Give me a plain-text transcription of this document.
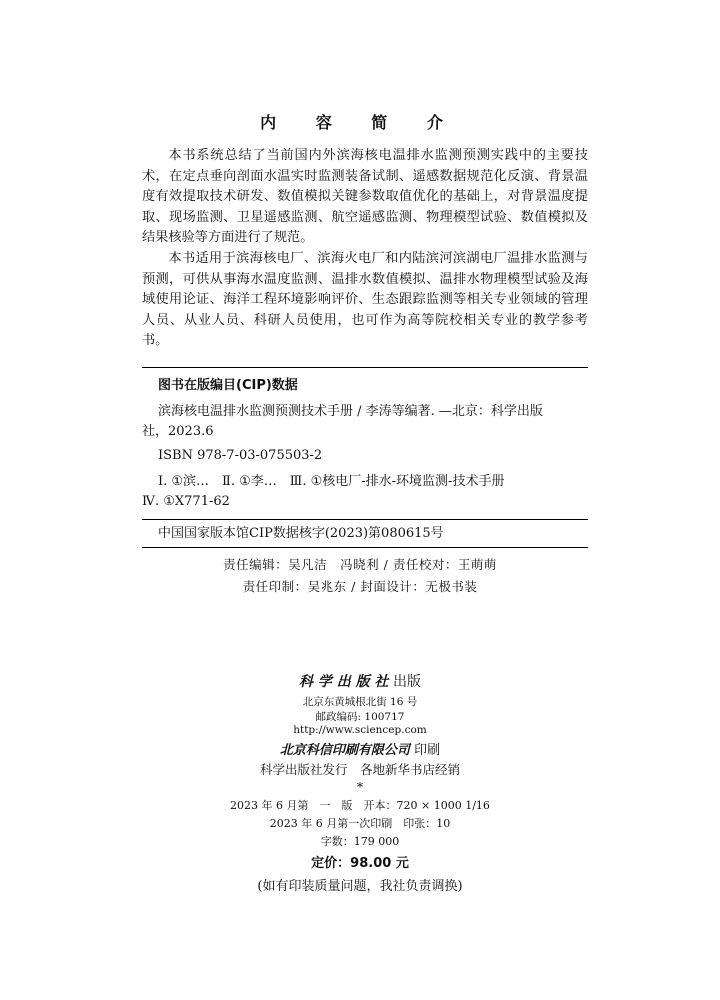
内 容 简 介

本书系统总结了当前国内外滨海核电温排水监测预测实践中的主要技术，在定点垂向剖面水温实时监测装备试制、遥感数据规范化反演、背景温度有效提取技术研发、数值模拟关键参数取值优化的基础上，对背景温度提取、现场监测、卫星遥感监测、航空遥感监测、物理模型试验、数值模拟及结果核验等方面进行了规范。

本书适用于滨海核电厂、滨海火电厂和内陆滨河滨湖电厂温排水监测与预测，可供从事海水温度监测、温排水数值模拟、温排水物理模型试验及海域使用论证、海洋工程环境影响评价、生态跟踪监测等相关专业领域的管理人员、从业人员、科研人员使用，也可作为高等院校相关专业的教学参考书。

图书在版编目(CIP)数据
滨海核电温排水监测预测技术手册 / 李涛等编著. —北京：科学出版
社，2023.6
ISBN 978-7-03-075503-2
Ⅰ. ①滨…　Ⅱ. ①李…　Ⅲ. ①核电厂-排水-环境监测-技术手册
Ⅳ. ①X771-62
中国国家版本馆CIP数据核字(2023)第080615号
责任编辑：吴凡洁　冯晓利 / 责任校对：王萌萌
责任印制：吴兆东 / 封面设计：无极书装
科 学 出 版 社 出版
北京东黄城根北街 16 号
邮政编码: 100717
http://www.sciencep.com
北京科信印刷有限公司 印刷
科学出版社发行　各地新华书店经销
*
2023 年 6 月第　一　版　开本：720 × 1000 1/16
2023 年 6 月第一次印刷　印张：10
字数：179 000
定价：98.00 元
(如有印装质量问题，我社负责调换)
